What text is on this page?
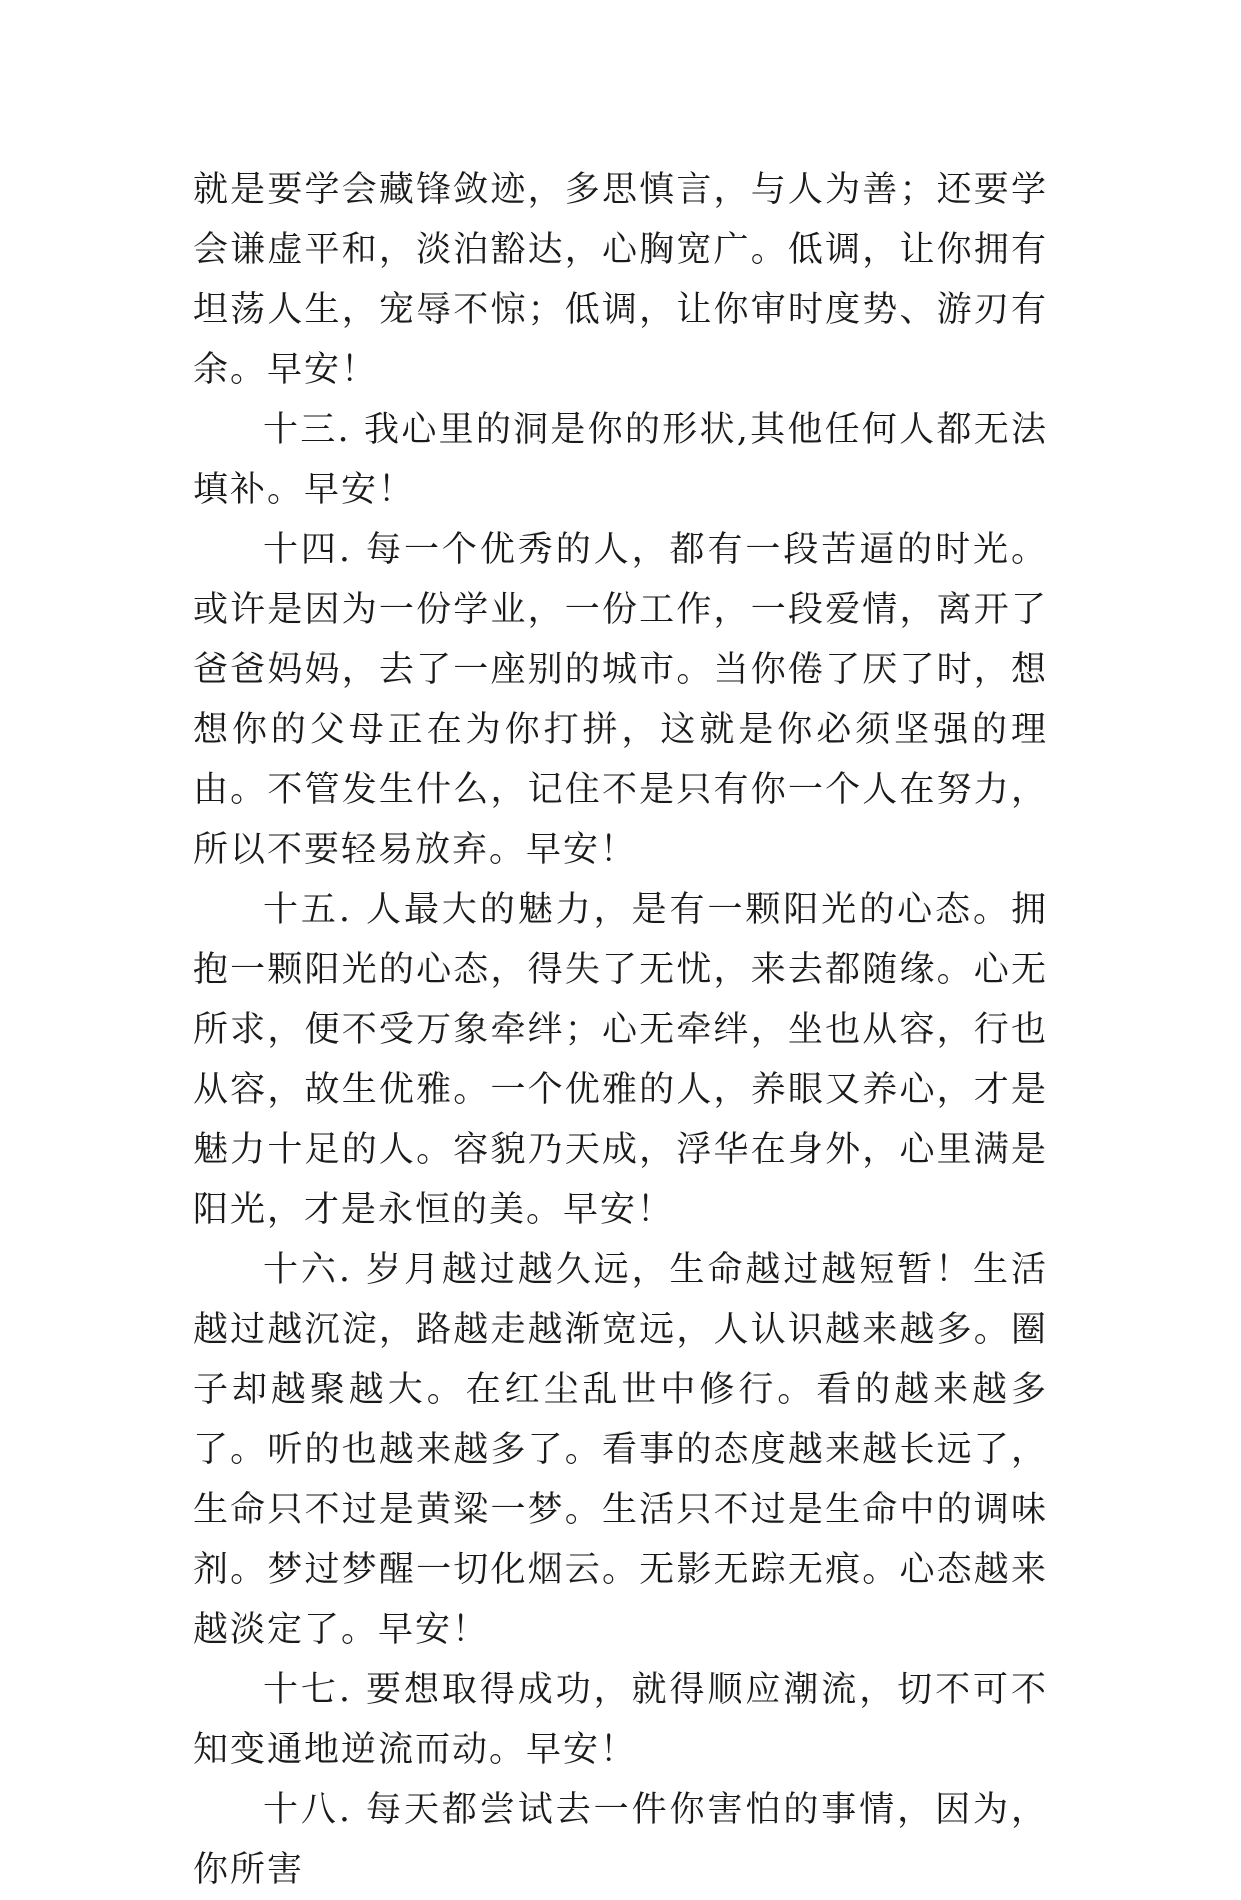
就是要学会藏锋敛迹，多思慎言，与人为善；还要学会谦虚平和，淡泊豁达，心胸宽广。低调，让你拥有坦荡人生，宠辱不惊；低调，让你审时度势、游刃有余。早安！

十三. 我心里的洞是你的形状,其他任何人都无法填补。早安！

十四. 每一个优秀的人，都有一段苦逼的时光。或许是因为一份学业，一份工作，一段爱情，离开了爸爸妈妈，去了一座别的城市。当你倦了厌了时，想想你的父母正在为你打拼，这就是你必须坚强的理由。不管发生什么，记住不是只有你一个人在努力，所以不要轻易放弃。早安！

十五. 人最大的魅力，是有一颗阳光的心态。拥抱一颗阳光的心态，得失了无忧，来去都随缘。心无所求，便不受万象牵绊；心无牵绊，坐也从容，行也从容，故生优雅。一个优雅的人，养眼又养心，才是魅力十足的人。容貌乃天成，浮华在身外，心里满是阳光，才是永恒的美。早安！

十六. 岁月越过越久远，生命越过越短暂！生活越过越沉淀，路越走越渐宽远，人认识越来越多。圈子却越聚越大。在红尘乱世中修行。看的越来越多了。听的也越来越多了。看事的态度越来越长远了，生命只不过是黄粱一梦。生活只不过是生命中的调味剂。梦过梦醒一切化烟云。无影无踪无痕。心态越来越淡定了。早安！

十七. 要想取得成功，就得顺应潮流，切不可不知变通地逆流而动。早安！

十八. 每天都尝试去一件你害怕的事情，因为，你所害
